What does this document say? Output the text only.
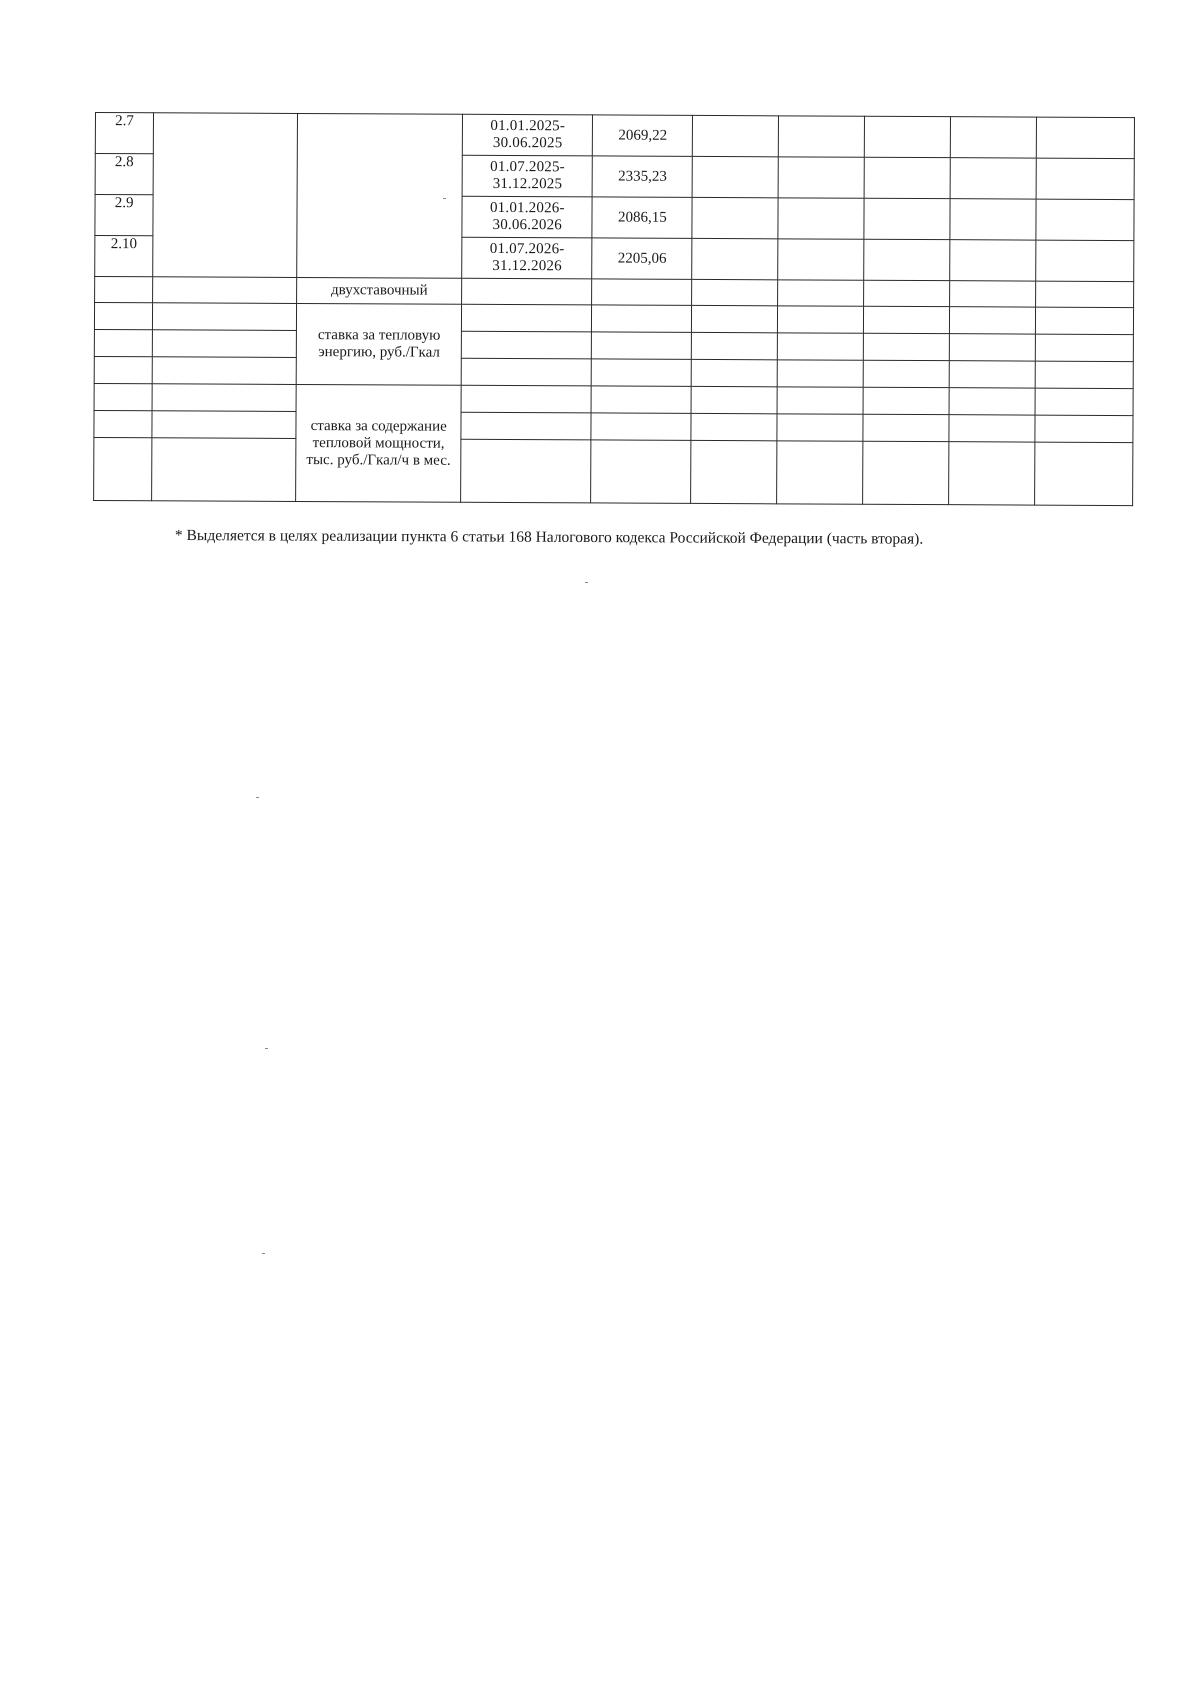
2.7			01.01.2025-
30.06.2025	2069,22					
2.8			01.07.2025-
31.12.2025	2335,23					
2.9			01.01.2026-
30.06.2026	2086,15					
2.10			01.07.2026-
31.12.2026	2205,06					
		двухставочный							
		ставка за тепловую энергию, руб./Гкал							

		ставка за содержание тепловой мощности, тыс. руб./Гкал/ч в мес.							

* Выделяется в целях реализации пункта 6 статьи 168 Налогового кодекса Российской Федерации (часть вторая).
